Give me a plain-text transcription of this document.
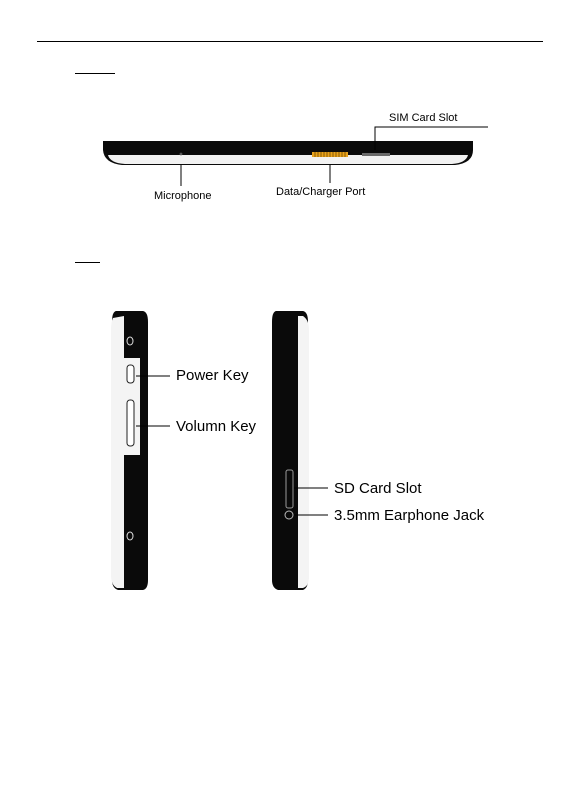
SIM Card Slot
Microphone	Data/Charger Port
Power Key
Volumn Key
SD Card Slot
3.5mm Earphone Jack
